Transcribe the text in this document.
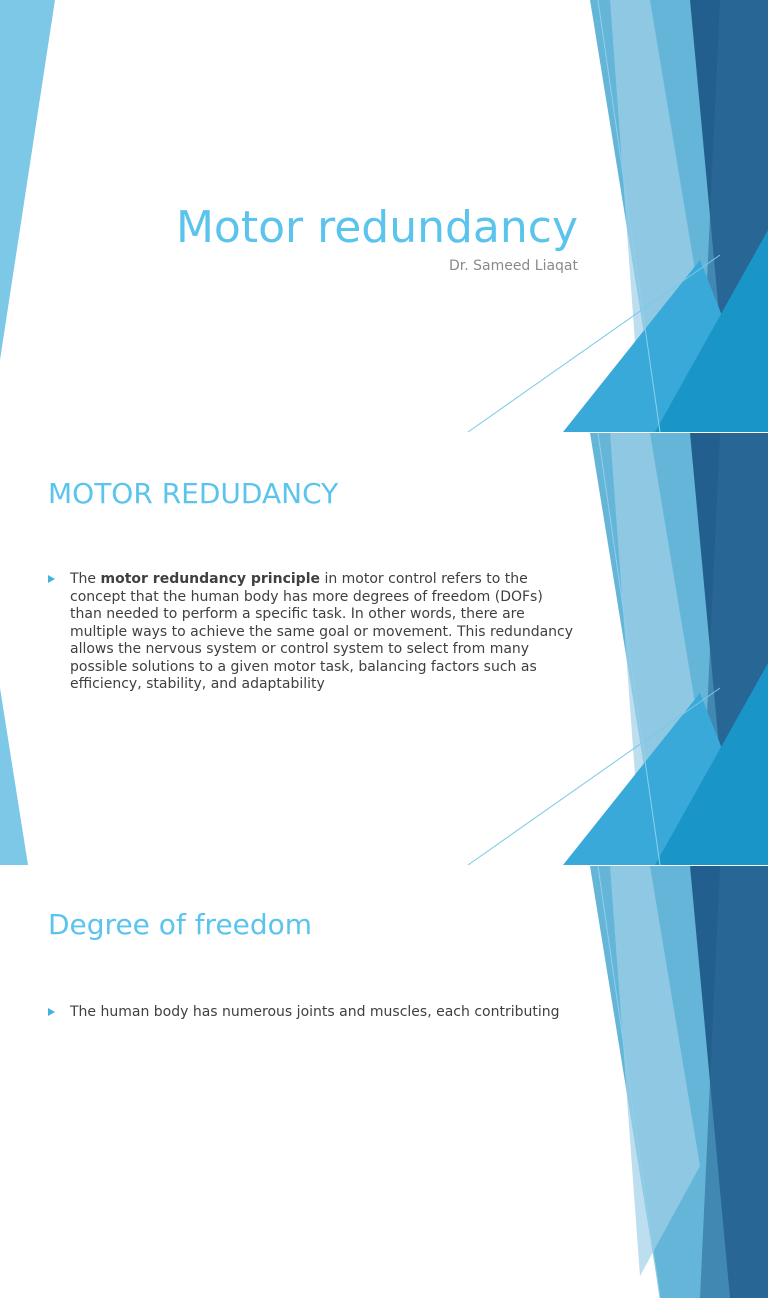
Motor redundancy

Dr. Sameed Liaqat

MOTOR REDUDANCY
The motor redundancy principle in motor control refers to the concept that the human body has more degrees of freedom (DOFs) than needed to perform a specific task. In other words, there are multiple ways to achieve the same goal or movement. This redundancy allows the nervous system or control system to select from many possible solutions to a given motor task, balancing factors such as efficiency, stability, and adaptability
Degree of freedom
The human body has numerous joints and muscles, each contributing
